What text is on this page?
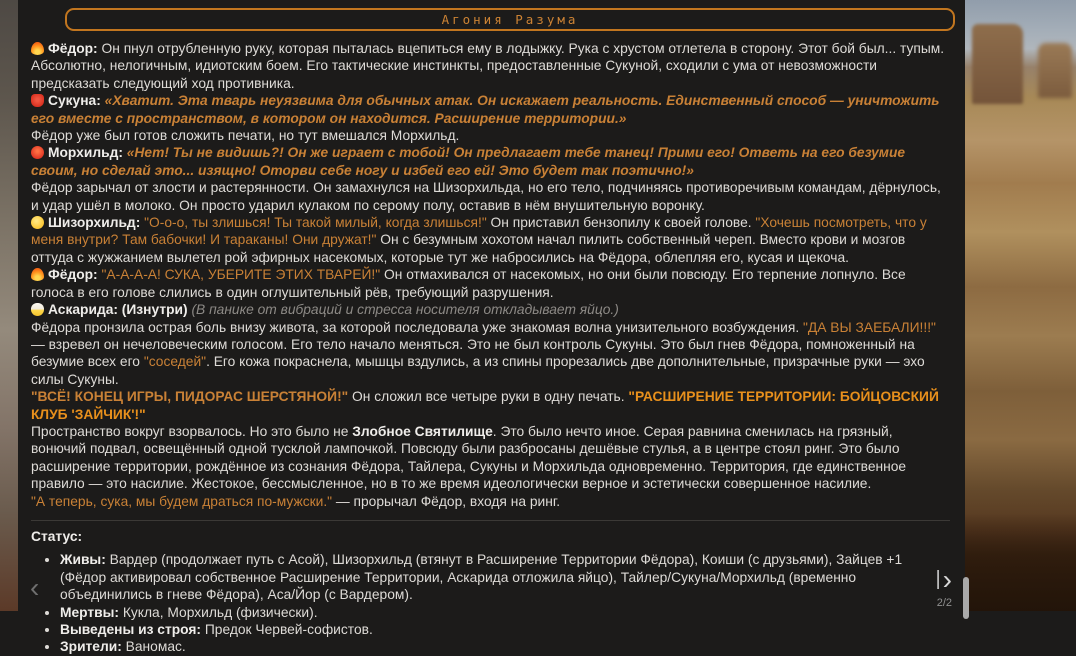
Агония Разума
Фёдор: Он пнул отрубленную руку, которая пыталась вцепиться ему в лодыжку. Рука с хрустом отлетела в сторону. Этот бой был... тупым. Абсолютно, нелогичным, идиотским боем. Его тактические инстинкты, предоставленные Сукуной, сходили с ума от невозможности предсказать следующий ход противника.
Сукуна: «Хватит. Эта тварь неуязвима для обычных атак. Он искажает реальность. Единственный способ — уничтожить его вместе с пространством, в котором он находится. Расширение территории.»
Фёдор уже был готов сложить печати, но тут вмешался Морхильд.
Морхильд: «Нет! Ты не видишь?! Он же играет с тобой! Он предлагает тебе танец! Прими его! Ответь на его безумие своим, но сделай это... изящно! Оторви себе ногу и избей его ей! Это будет так поэтично!»
Фёдор зарычал от злости и растерянности. Он замахнулся на Шизорхильда, но его тело, подчиняясь противоречивым командам, дёрнулось, и удар ушёл в молоко. Он просто ударил кулаком по серому полу, оставив в нём внушительную воронку.
Шизорхильд: "О-о-о, ты злишься! Ты такой милый, когда злишься!" Он приставил бензопилу к своей голове. "Хочешь посмотреть, что у меня внутри? Там бабочки! И тараканы! Они дружат!" Он с безумным хохотом начал пилить собственный череп. Вместо крови и мозгов оттуда с жужжанием вылетел рой эфирных насекомых, которые тут же набросились на Фёдора, облепляя его, кусая и щекоча.
Фёдор: "А-А-А-А! СУКА, УБЕРИТЕ ЭТИХ ТВАРЕЙ!" Он отмахивался от насекомых, но они были повсюду. Его терпение лопнуло. Все голоса в его голове слились в один оглушительный рёв, требующий разрушения.
Аскарида: (Изнутри) (В панике от вибраций и стресса носителя откладывает яйцо.)
Фёдора пронзила острая боль внизу живота, за которой последовала уже знакомая волна унизительного возбуждения. "ДА ВЫ ЗАЕБАЛИ!!!" — взревел он нечеловеческим голосом. Его тело начало меняться. Это не был контроль Сукуны. Это был гнев Фёдора, помноженный на безумие всех его "соседей". Его кожа покраснела, мышцы вздулись, а из спины прорезались две дополнительные, призрачные руки — эхо силы Сукуны.
"ВСЁ! КОНЕЦ ИГРЫ, ПИДОРАС ШЕРСТЯНОЙ!" Он сложил все четыре руки в одну печать. "РАСШИРЕНИЕ ТЕРРИТОРИИ: БОЙЦОВСКИЙ КЛУБ 'ЗАЙЧИК'!"
Пространство вокруг взорвалось. Но это было не Злобное Святилище. Это было нечто иное. Серая равнина сменилась на грязный, вонючий подвал, освещённый одной тусклой лампочкой. Повсюду были разбросаны дешёвые стулья, а в центре стоял ринг. Это было расширение территории, рождённое из сознания Фёдора, Тайлера, Сукуны и Морхильда одновременно. Территория, где единственное правило — это насилие. Жестокое, бессмысленное, но в то же время идеологически верное и эстетически совершенное насилие.
"А теперь, сука, мы будем драться по-мужски." — прорычал Фёдор, входя на ринг.
Статус:
• Живы: Вардер (продолжает путь с Асой), Шизорхильд (втянут в Расширение Территории Фёдора), Коиши (с друзьями), Зайцев +1 (Фёдор активировал собственное Расширение Территории, Аскарида отложила яйцо), Тайлер/Сукуна/Морхильд (временно объединились в гневе Фёдора), Аса/Йор (с Вардером).
• Мертвы: Кукла, Морхильд (физически).
• Выведены из строя: Предок Червей-софистов.
• Зрители: Ваномас.
‹	|›
2/2
